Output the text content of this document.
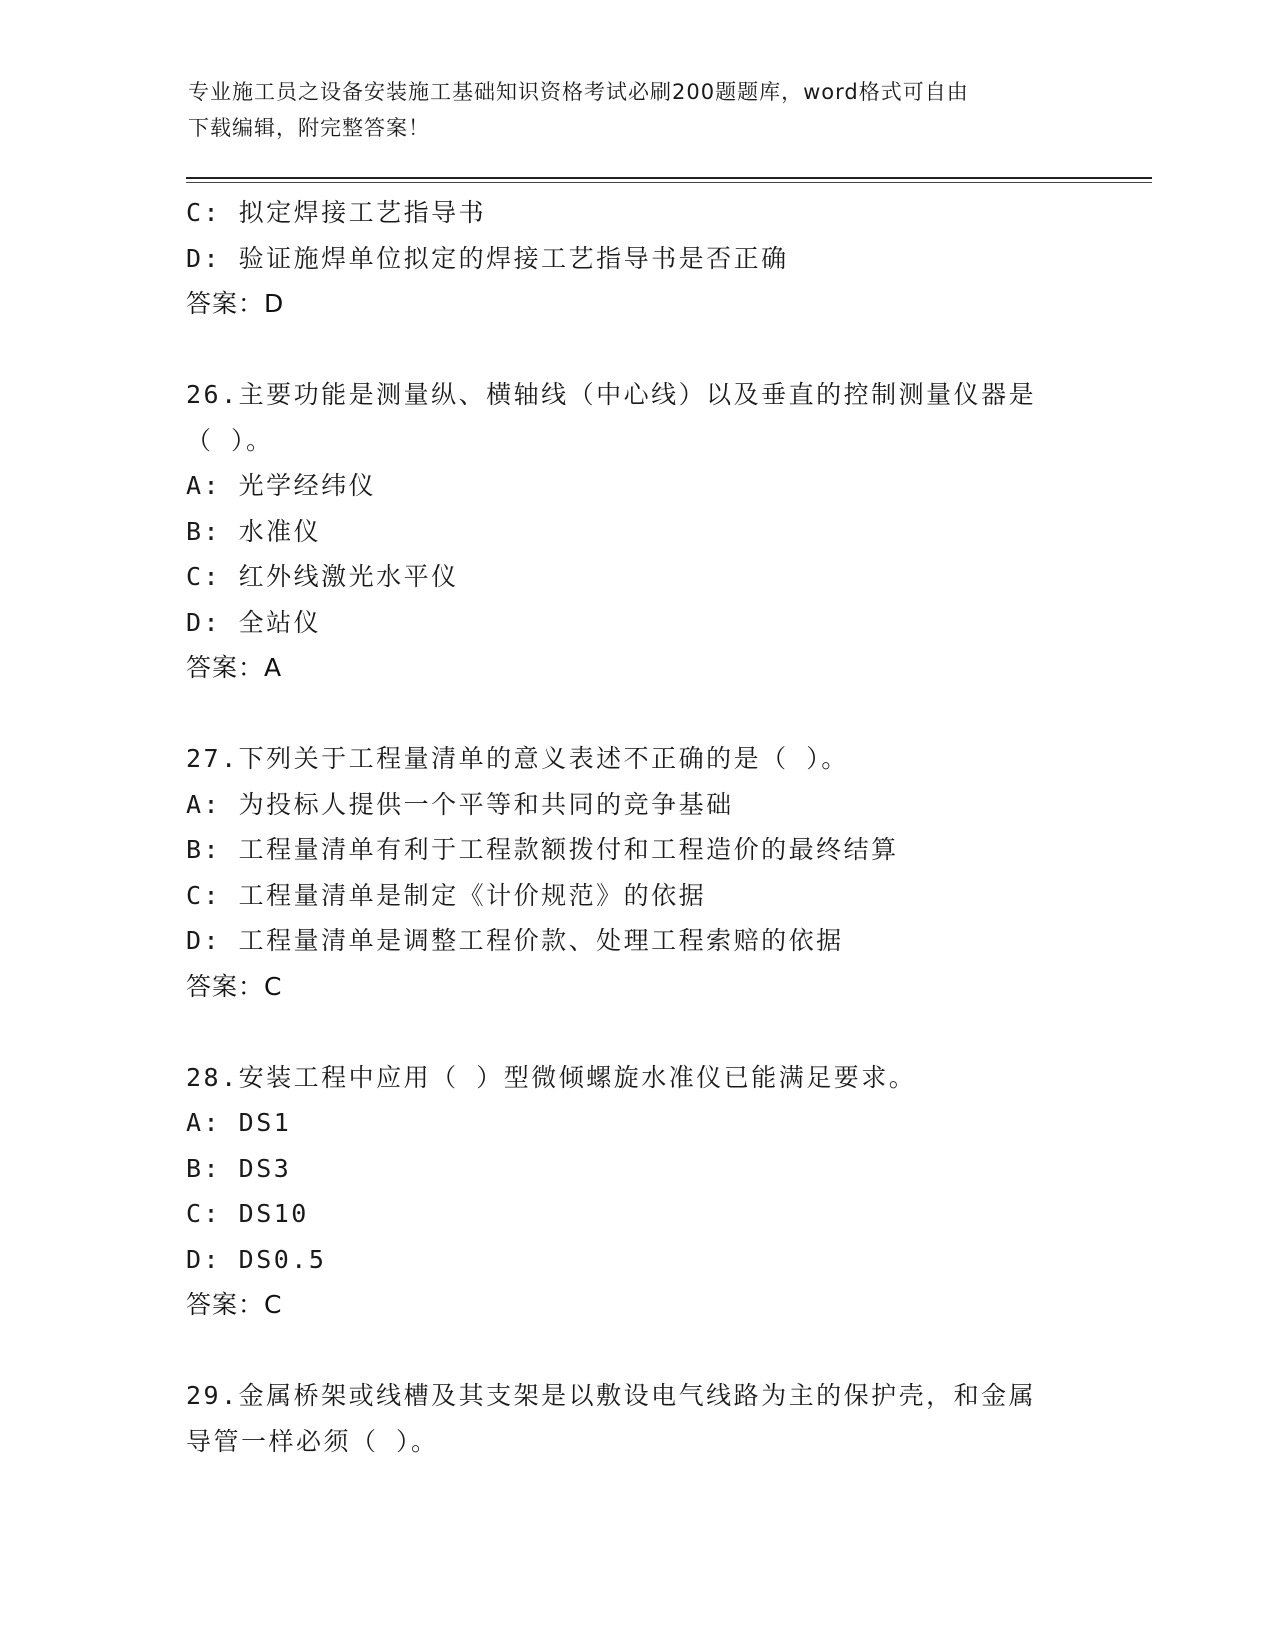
专业施工员之设备安装施工基础知识资格考试必刷200题题库，word格式可自由
下载编辑，附完整答案！
C: 拟定焊接工艺指导书
D: 验证施焊单位拟定的焊接工艺指导书是否正确
答案：D
26.主要功能是测量纵、横轴线（中心线）以及垂直的控制测量仪器是
（ ）。
A: 光学经纬仪
B: 水准仪
C: 红外线激光水平仪
D: 全站仪
答案：A
27.下列关于工程量清单的意义表述不正确的是（ ）。
A: 为投标人提供一个平等和共同的竞争基础
B: 工程量清单有利于工程款额拨付和工程造价的最终结算
C: 工程量清单是制定《计价规范》的依据
D: 工程量清单是调整工程价款、处理工程索赔的依据
答案：C
28.安装工程中应用（ ）型微倾螺旋水准仪已能满足要求。
A: DS1
B: DS3
C: DS10
D: DS0.5
答案：C
29.金属桥架或线槽及其支架是以敷设电气线路为主的保护壳，和金属
导管一样必须（ ）。
